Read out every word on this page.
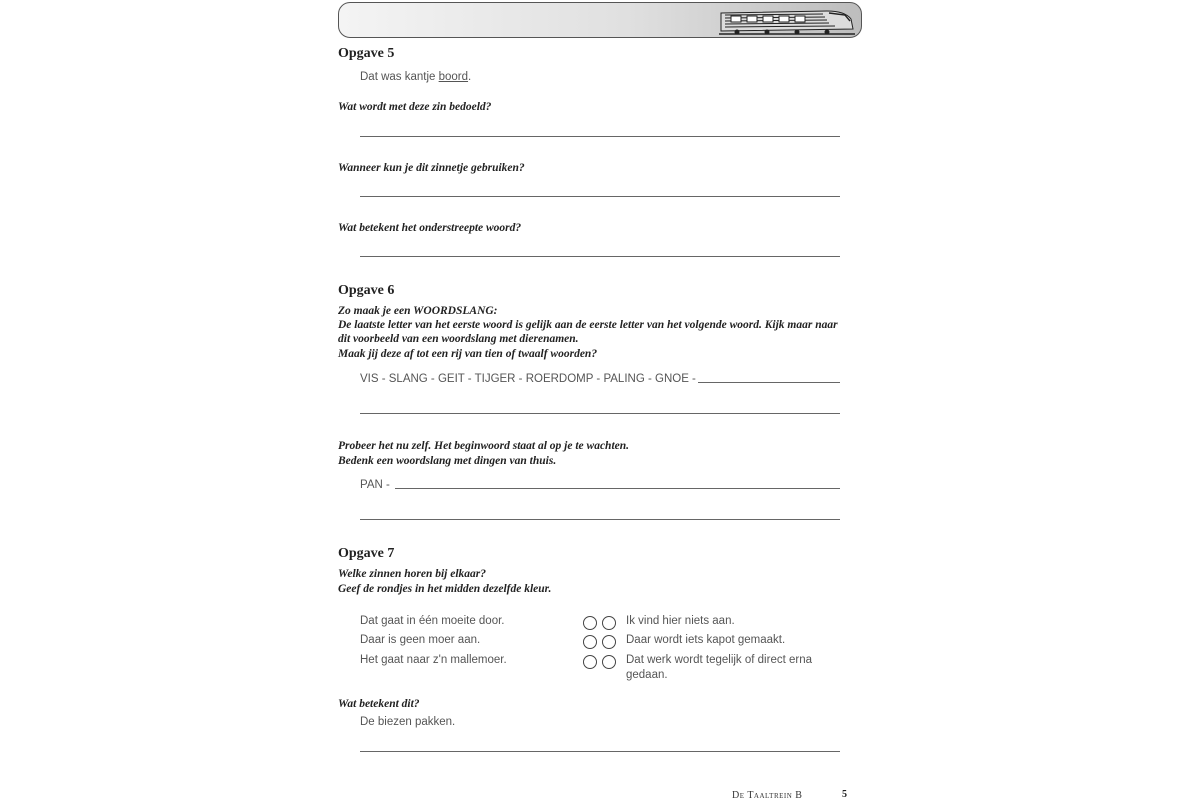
Opgave 5
Dat was kantje boord.
Wat wordt met deze zin bedoeld?
Wanneer kun je dit zinnetje gebruiken?
Wat betekent het onderstreepte woord?
Opgave 6
Zo maak je een WOORDSLANG:
De laatste letter van het eerste woord is gelijk aan de eerste letter van het volgende woord. Kijk maar naar
dit voorbeeld van een woordslang met dierenamen.
Maak jij deze af tot een rij van tien of twaalf woorden?
VIS - SLANG - GEIT - TIJGER - ROERDOMP - PALING - GNOE -
Probeer het nu zelf. Het beginwoord staat al op je te wachten.
Bedenk een woordslang met dingen van thuis.
PAN -
Opgave 7
Welke zinnen horen bij elkaar?
Geef de rondjes in het midden dezelfde kleur.
Dat gaat in één moeite door.
Daar is geen moer aan.
Het gaat naar z'n mallemoer.
Ik vind hier niets aan.
Daar wordt iets kapot gemaakt.
Dat werk wordt tegelijk of direct erna
gedaan.
Wat betekent dit?
De biezen pakken.
De Taaltrein B	5
